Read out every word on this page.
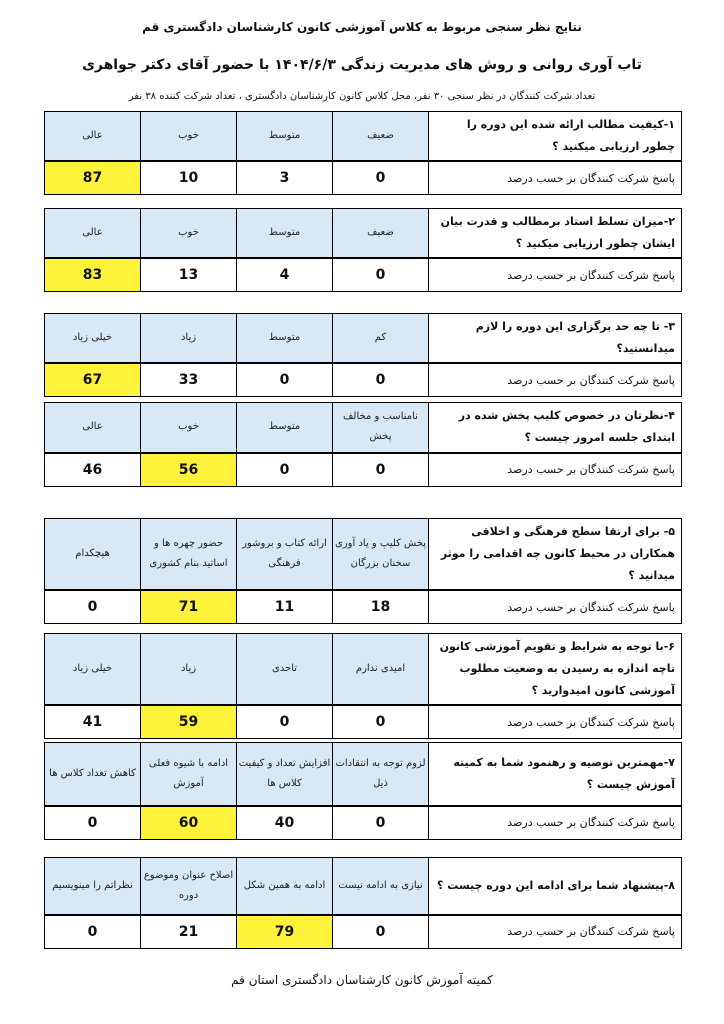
نتایج نظر سنجی مربوط به کلاس آموزشی کانون کارشناسان دادگستری قم
تاب آوری روانی و روش های مدیریت زندگی ۱۴۰۴/۶/۳ با حضور آقای دکتر جواهری
تعداد شرکت کنندگان در نظر سنجی ۳۰ نفر، محل کلاس کانون کارشناسان دادگستری ، تعداد شرکت کننده ۳۸ نفر
۱-کیفیت مطالب ارائه شده این دوره را چطور ارزیابی میکنید ؟	ضعیف	متوسط	خوب	عالی
پاسخ شرکت کنندگان بر حسب درصد	0	3	10	87
۲-میزان تسلط استاد برمطالب و قدرت بیان ایشان چطور ارزیابی میکنید ؟	ضعیف	متوسط	خوب	عالی
پاسخ شرکت کنندگان بر حسب درصد	0	4	13	83
۳- تا چه حد برگزاری این دوره را لازم میدانستید؟	کم	متوسط	زیاد	خیلی زیاد
پاسخ شرکت کنندگان بر حسب درصد	0	0	33	67
۴-نظرتان در خصوص کلیپ پخش شده در ابتدای جلسه امروز چیست ؟	نامناسب و مخالف پخش	متوسط	خوب	عالی
پاسخ شرکت کنندگان بر حسب درصد	0	0	56	46
۵- برای ارتقا سطح فرهنگی و اخلاقی همکاران در محیط کانون چه اقدامی را موثر میدانید ؟	پخش کلیپ و یاد آوری سخنان بزرگان	ارائه کتاب و بروشور فرهنگی	حضور چهره ها و اساتید بنام کشوری	هیچکدام
پاسخ شرکت کنندگان بر حسب درصد	18	11	71	0
۶-با توجه به شرایط و تقویم آموزشی کانون تاچه اندازه به رسیدن به وضعیت مطلوب آموزشی کانون امیدوارید ؟	امیدی ندارم	تاحدی	زیاد	خیلی زیاد
پاسخ شرکت کنندگان بر حسب درصد	0	0	59	41
۷-مهمترین توصیه و رهنمود شما به کمیته آموزش چیست ؟	لزوم توجه به انتقادات ذیل	افزایش تعداد و کیفیت کلاس ها	ادامه با شیوه فعلی آموزش	کاهش تعداد کلاس ها
پاسخ شرکت کنندگان بر حسب درصد	0	40	60	0
۸-پیشنهاد شما برای ادامه این دوره چیست ؟	نیازی به ادامه نیست	ادامه به همین شکل	اصلاح عنوان وموضوع دوره	نظراتم را مینویسیم
پاسخ شرکت کنندگان بر حسب درصد	0	79	21	0
کمیته آموزش کانون کارشناسان دادگستری استان قم
